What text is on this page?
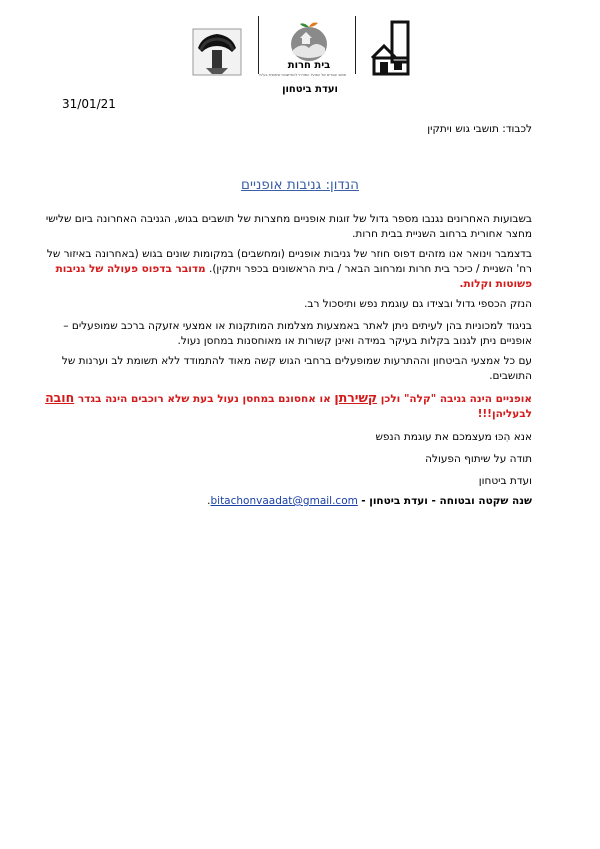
בית חרות
מושב עובדים של הפועל המזרחי להתיישבות שיתופית בע"מ
ועדת ביטחון
31/01/21
לכבוד: תושבי גוש ויתקין
הנדון: גניבות אופניים
בשבועות האחרונים נגנבו מספר גדול של זוגות אופניים מחצרות של תושבים בגוש, הגניבה האחרונה ביום שלישי
מחצר אחורית ברחוב השניית בבית חרות.
בדצמבר וינואר אנו מזהים דפוס חוזר של גניבות אופניים (ומחשבים) במקומות שונים בגוש (באחרונה באיזור של
רח' השניית / כיכר בית חרות ומרחוב הבאר / בית הראשונים בכפר ויתקין). מדובר בדפוס פעולה של גניבות
פשוטות וקלות.
הנזק הכספי גדול ובצידו גם עוגמת נפש ותיסכול רב.
בניגוד למכוניות בהן לעיתים ניתן לאתר באמצעות מצלמות המותקנות או אמצעי אזעקה ברכב שמופעלים –
אופניים ניתן לגנוב בקלות בעיקר במידה ואינן קשורות או מאוחסנות במחסן נעול.
עם כל אמצעי הביטחון וההתרעות שמופעלים ברחבי הגוש קשה מאוד להתמודד ללא תשומת לב וערנות של
התושבים.
אופניים הינה גניבה "קלה" ולכן קשירתן או אחסונם במחסן נעול בעת שלא רוכבים הינה בגדר חובה
לבעליהן!!!
אנא הִכּוּ מעצמכם את עוגמת הנפש
תודה על שיתוף הפעולה
ועדת ביטחון
שנה שקטה ובטוחה - ועדת ביטחון - bitachonvaadat@gmail.com.
